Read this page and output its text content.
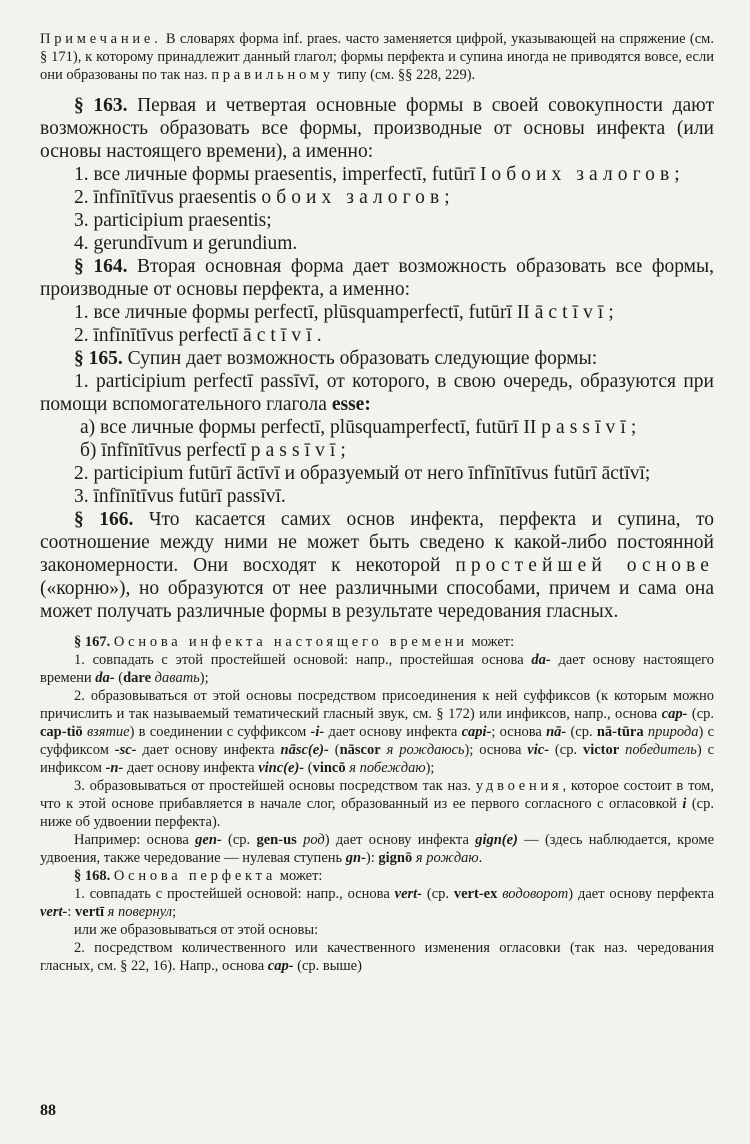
Примечание. В словарях форма inf. praes. часто заменяется цифрой, указывающей на спряжение (см. § 171), к которому принадлежит данный глагол; формы перфекта и супина иногда не приводятся вовсе, если они образованы по так наз. правильному типу (см. §§ 228, 229).

§ 163. Первая и четвертая основные формы в своей совокупности дают возможность образовать все формы, производные от основы инфекта (или основы настоящего времени), а именно:

1. все личные формы praesentis, imperfectī, futūrī I обоих залогов;

2. īnfīnītīvus praesentis обоих залогов;

3. participium praesentis;

4. gerundīvum и gerundium.

§ 164. Вторая основная форма дает возможность образовать все формы, производные от основы перфекта, а именно:

1. все личные формы perfectī, plūsquamperfectī, futūrī II āctīvī;

2. īnfīnītīvus perfectī āctīvī.

§ 165. Супин дает возможность образовать следующие формы:

1. participium perfectī passīvī, от которого, в свою очередь, образуются при помощи вспомогательного глагола esse:

a) все личные формы perfectī, plūsquamperfectī, futūrī II passīvī;

б) īnfīnītīvus perfectī passīvī;

2. participium futūrī āctīvī и образуемый от него īnfīnītīvus futūrī āctīvī;

3. īnfīnītīvus futūrī passīvī.

§ 166. Что касается самих основ инфекта, перфекта и супина, то соотношение между ними не может быть сведено к какой-либо постоянной закономерности. Они восходят к некоторой простейшей основе («корню»), но образуются от нее различными способами, причем и сама она может получать различные формы в результате чередования гласных.

§ 167. Основа инфекта настоящего времени может:

1. совпадать с этой простейшей основой: напр., простейшая основа da- дает основу настоящего времени da- (dare давать);

2. образовываться от этой основы посредством присоединения к ней суффиксов (к которым можно причислить и так называемый тематический гласный звук, см. § 172) или инфиксов, напр., основа cap- (ср. cap-tiō взятие) в соединении с суффиксом -i- дает основу инфекта capi-; основа nā- (ср. nā-tūra природа) с суффиксом -sc- дает основу инфекта nāsc(e)- (nāscor я рождаюсь); основа vic- (ср. victor победитель) с инфиксом -n- дает основу инфекта vinc(e)- (vincō я побеждаю);

3. образовываться от простейшей основы посредством так наз. удвоения, которое состоит в том, что к этой основе прибавляется в начале слог, образованный из ее первого согласного с огласовкой i (ср. ниже об удвоении перфекта).

Например: основа gen- (ср. gen-us род) дает основу инфекта gign(e) — (здесь наблюдается, кроме удвоения, также чередование — нулевая ступень gn-): gignō я рождаю.

§ 168. Основа перфекта может:

1. совпадать с простейшей основой: напр., основа vert- (ср. vert-ex водоворот) дает основу перфекта vert-: vertī я повернул;

или же образовываться от этой основы:

2. посредством количественного или качественного изменения огласовки (так наз. чередования гласных, см. § 22, 16). Напр., основа cap- (ср. выше)

88
